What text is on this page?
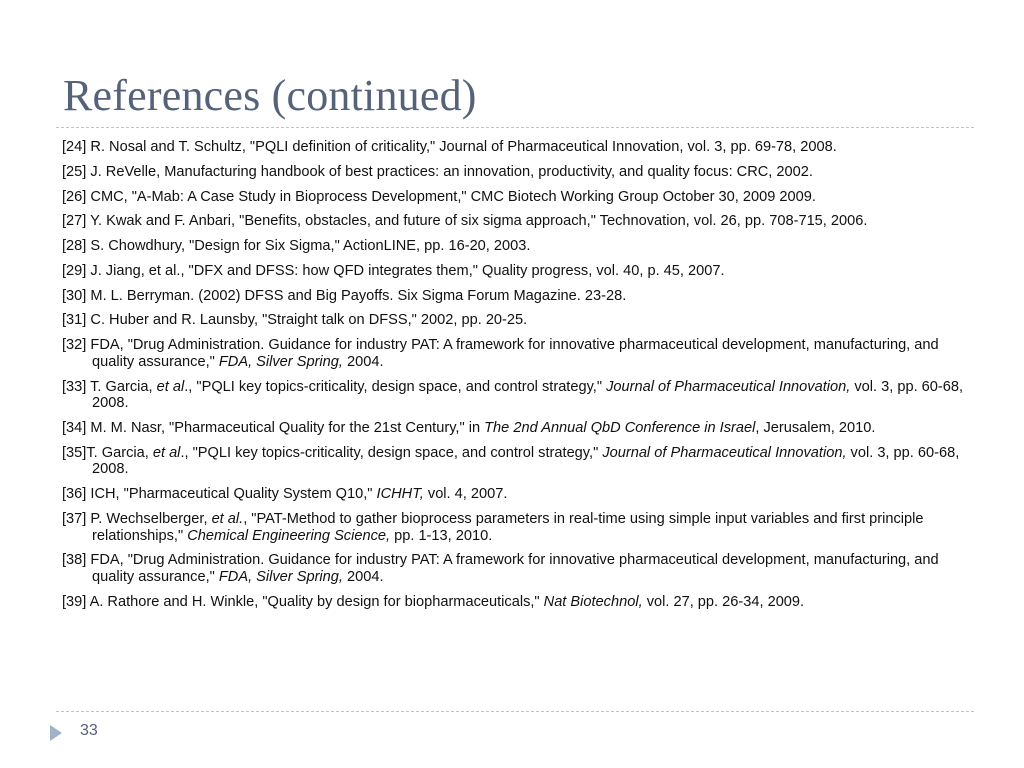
References (continued)

[24] R. Nosal and T. Schultz, "PQLI definition of criticality," Journal of Pharmaceutical Innovation, vol. 3, pp. 69-78, 2008.

[25] J. ReVelle, Manufacturing handbook of best practices: an innovation, productivity, and quality focus: CRC, 2002.

[26] CMC, "A-Mab: A Case Study in Bioprocess Development," CMC Biotech Working Group October 30, 2009 2009.

[27] Y. Kwak and F. Anbari, "Benefits, obstacles, and future of six sigma approach," Technovation, vol. 26, pp. 708-715, 2006.

[28] S. Chowdhury, "Design for Six Sigma," ActionLINE, pp. 16-20, 2003.

[29] J. Jiang, et al., "DFX and DFSS: how QFD integrates them," Quality progress, vol. 40, p. 45, 2007.

[30] M. L. Berryman. (2002) DFSS and Big Payoffs. Six Sigma Forum Magazine. 23-28.

[31] C. Huber and R. Launsby, "Straight talk on DFSS," 2002, pp. 20-25.

[32] FDA, "Drug Administration. Guidance for industry PAT: A framework for innovative pharmaceutical development, manufacturing, and quality assurance," FDA, Silver Spring, 2004.

[33] T. Garcia, et al., "PQLI key topics-criticality, design space, and control strategy," Journal of Pharmaceutical Innovation, vol. 3, pp. 60-68, 2008.

[34] M. M. Nasr, "Pharmaceutical Quality for the 21st Century," in The 2nd Annual QbD Conference in Israel, Jerusalem, 2010.

[35]T. Garcia, et al., "PQLI key topics-criticality, design space, and control strategy," Journal of Pharmaceutical Innovation, vol. 3, pp. 60-68, 2008.

[36] ICH, "Pharmaceutical Quality System Q10," ICHHT, vol. 4, 2007.

[37] P. Wechselberger, et al., "PAT-Method to gather bioprocess parameters in real-time using simple input variables and first principle relationships," Chemical Engineering Science, pp. 1-13, 2010.

[38] FDA, "Drug Administration. Guidance for industry PAT: A framework for innovative pharmaceutical development, manufacturing, and quality assurance," FDA, Silver Spring, 2004.

[39] A. Rathore and H. Winkle, "Quality by design for biopharmaceuticals," Nat Biotechnol, vol. 27, pp. 26-34, 2009.

33
